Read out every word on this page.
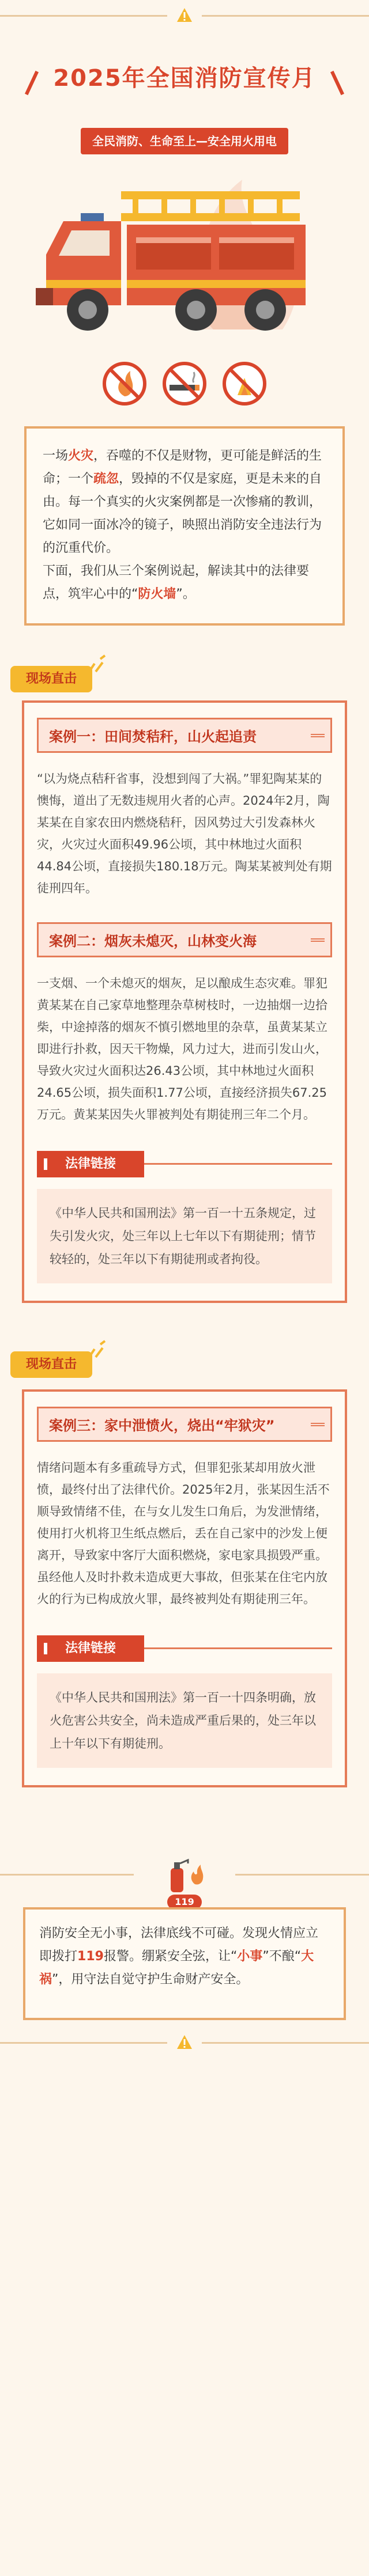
2025年全国消防宣传月
全民消防、生命至上—安全用火用电

一场火灾，吞噬的不仅是财物，更可能是鲜活的生命；一个疏忽，毁掉的不仅是家庭，更是未来的自由。每一个真实的火灾案例都是一次惨痛的教训，它如同一面冰冷的镜子，映照出消防安全违法行为的沉重代价。

下面，我们从三个案例说起，解读其中的法律要点，筑牢心中的“防火墙”。

现场直击
案例一：田间焚秸秆，山火起追责
“以为烧点秸秆省事，没想到闯了大祸。”罪犯陶某某的懊悔，道出了无数违规用火者的心声。2024年2月，陶某某在自家农田内燃烧秸秆，因风势过大引发森林火灾，火灾过火面积49.96公顷，其中林地过火面积44.84公顷，直接损失180.18万元。陶某某被判处有期徒刑四年。
案例二：烟灰未熄灭，山林变火海
一支烟、一个未熄灭的烟灰，足以酿成生态灾难。罪犯黄某某在自己家草地整理杂草树枝时，一边抽烟一边拾柴，中途掉落的烟灰不慎引燃地里的杂草，虽黄某某立即进行扑救，因天干物燥，风力过大，进而引发山火，导致火灾过火面积达26.43公顷，其中林地过火面积24.65公顷，损失面积1.77公顷，直接经济损失67.25万元。黄某某因失火罪被判处有期徒刑三年二个月。
法律链接
《中华人民共和国刑法》第一百一十五条规定，过失引发火灾，处三年以上七年以下有期徒刑；情节较轻的，处三年以下有期徒刑或者拘役。
现场直击
案例三：家中泄愤火，烧出“牢狱灾”
情绪问题本有多重疏导方式，但罪犯张某却用放火泄愤，最终付出了法律代价。2025年2月，张某因生活不顺导致情绪不佳，在与女儿发生口角后，为发泄情绪，使用打火机将卫生纸点燃后，丢在自己家中的沙发上便离开，导致家中客厅大面积燃烧，家电家具损毁严重。虽经他人及时扑救未造成更大事故，但张某在住宅内放火的行为已构成放火罪，最终被判处有期徒刑三年。
法律链接
《中华人民共和国刑法》第一百一十四条明确，放火危害公共安全，尚未造成严重后果的，处三年以上十年以下有期徒刑。
119
消防安全无小事，法律底线不可碰。发现火情应立即拨打119报警。绷紧安全弦，让“小事”不酿“大祸”，用守法自觉守护生命财产安全。
